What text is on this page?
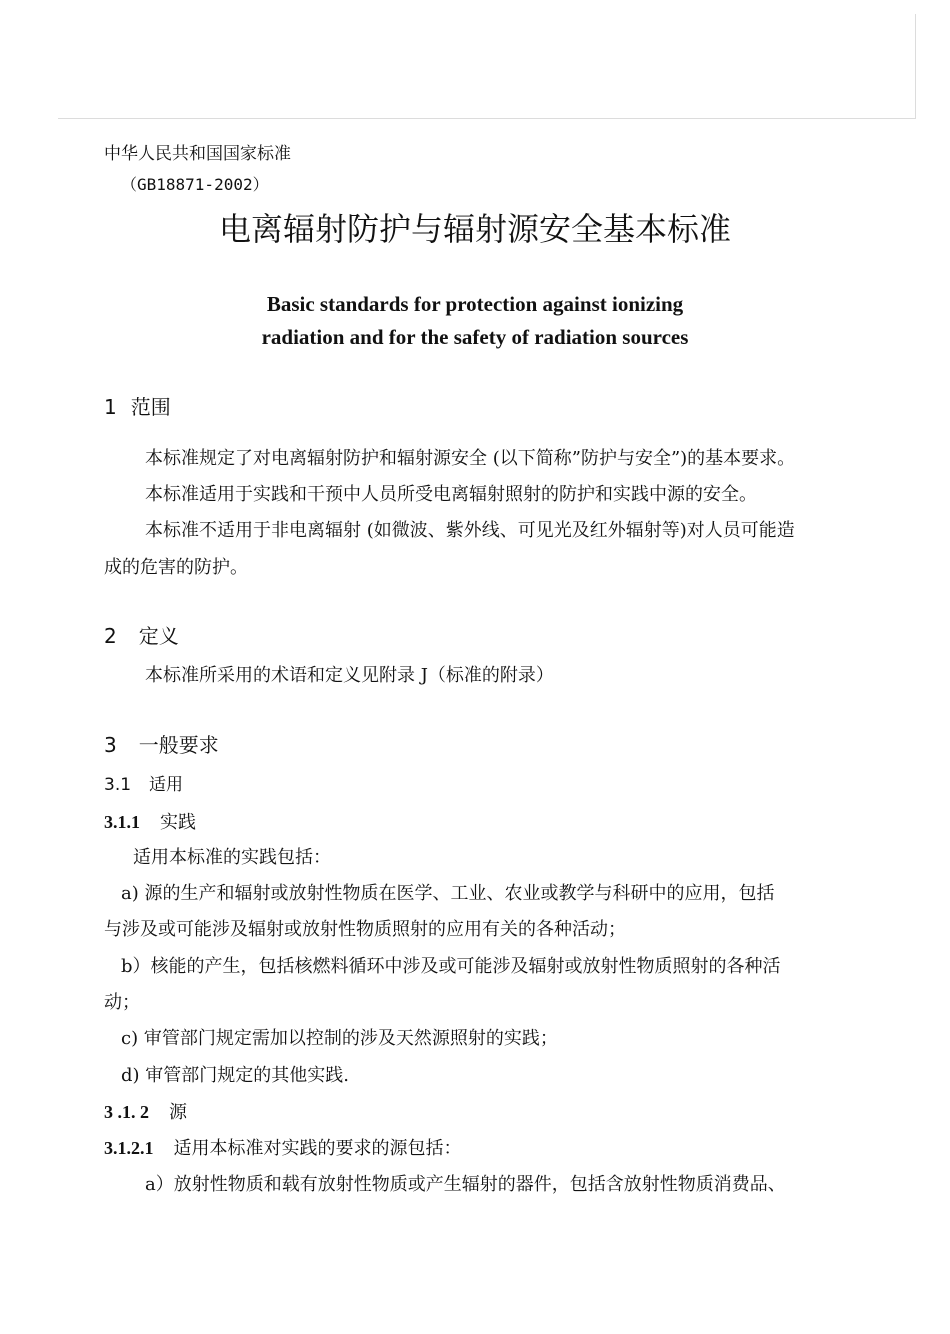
中华人民共和国国家标准
（GB18871-2002）
电离辐射防护与辐射源安全基本标准
Basic standards for protection against ionizing
radiation and for the safety of radiation sources
1 范围
本标准规定了对电离辐射防护和辐射源安全 (以下简称”防护与安全”)的基本要求。
本标准适用于实践和干预中人员所受电离辐射照射的防护和实践中源的安全。
本标准不适用于非电离辐射 (如微波、紫外线、可见光及红外辐射等)对人员可能造
成的危害的防护。
2 定义
本标准所采用的术语和定义见附录 J（标准的附录）
3 一般要求
3.1 适用
3.1.1 实践
适用本标准的实践包括：
a) 源的生产和辐射或放射性物质在医学、工业、农业或教学与科研中的应用，包括
与涉及或可能涉及辐射或放射性物质照射的应用有关的各种活动；
b）核能的产生，包括核燃料循环中涉及或可能涉及辐射或放射性物质照射的各种活
动；
c) 审管部门规定需加以控制的涉及天然源照射的实践；
d) 审管部门规定的其他实践.
3 .1. 2 源
3.1.2.1 适用本标准对实践的要求的源包括：
a）放射性物质和载有放射性物质或产生辐射的器件，包括含放射性物质消费品、
